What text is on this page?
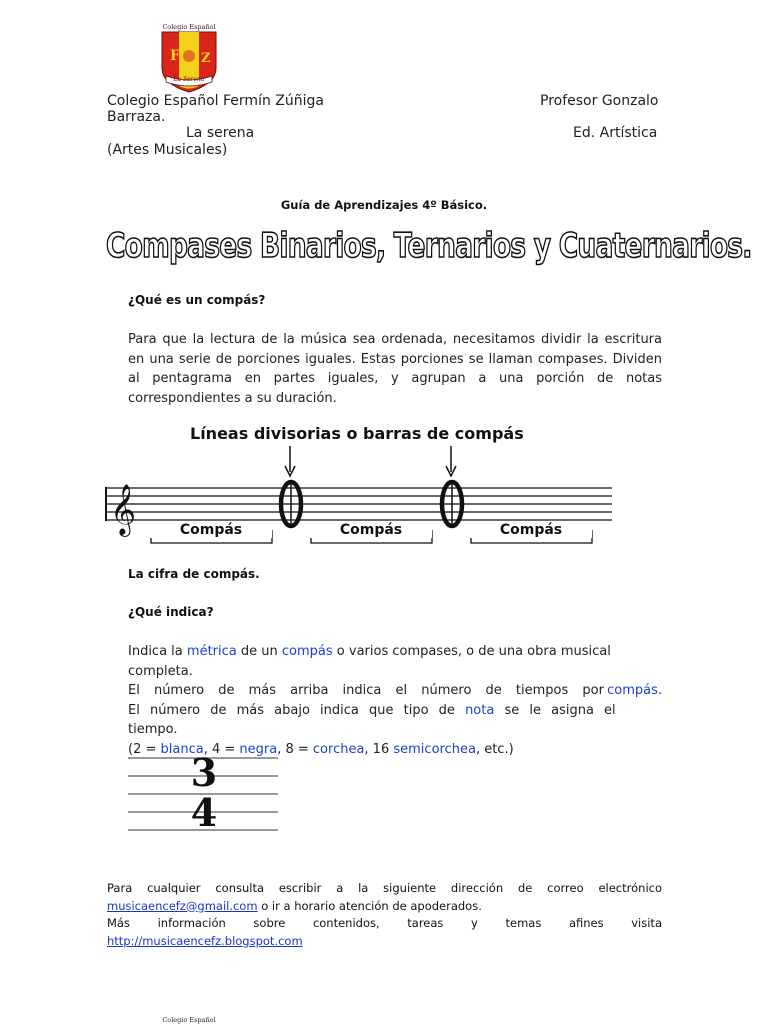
F Z
Colegio Español
La Serena
Colegio Español Fermín Zúñiga	Profesor Gonzalo
Barraza.
La serena	Ed. Artística
(Artes Musicales)
Guía de Aprendizajes 4º Básico.
Compases Binarios, Ternarios y Cuaternarios.
¿Qué es un compás?
Para que la lectura de la música sea ordenada, necesitamos dividir la escritura en una serie de porciones iguales. Estas porciones se llaman compases. Dividen al pentagrama en partes iguales, y agrupan a una porción de notas correspondientes a su duración.
Líneas divisorias o barras de compás
𝄞	Compás	Compás	Compás
La cifra de compás.
¿Qué indica?
Indica la métrica de un compás o varios compases, o de una obra musical completa.
El número de más arriba indica el número de tiempos por compás.
El número de más abajo indica que tipo de nota se le asigna el tiempo.
(2 = blanca, 4 = negra, 8 = corchea, 16 semicorchea, etc.)
3
4
Para cualquier consulta escribir a la siguiente dirección de correo electrónico
musicaencefz@gmail.com o ir a horario atención de apoderados.
Más información sobre contenidos, tareas y temas afines visita
http://musicaencefz.blogspot.com
Colegio Español
